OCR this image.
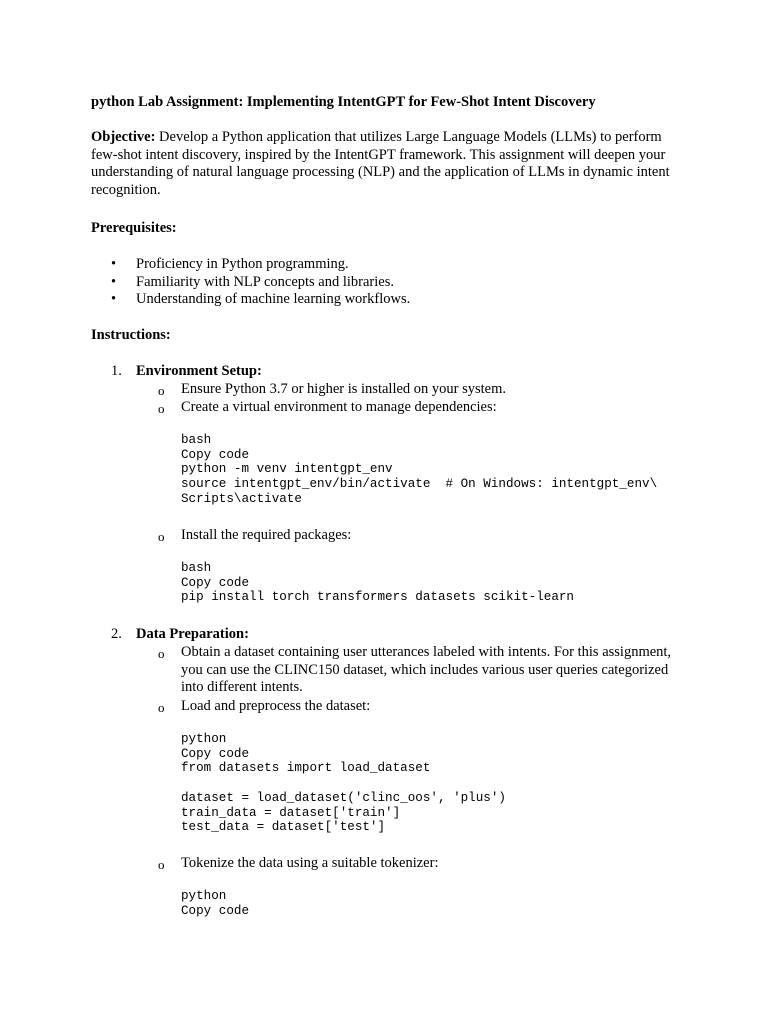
python Lab Assignment: Implementing IntentGPT for Few-Shot Intent Discovery
Objective: Develop a Python application that utilizes Large Language Models (LLMs) to perform few-shot intent discovery, inspired by the IntentGPT framework. This assignment will deepen your understanding of natural language processing (NLP) and the application of LLMs in dynamic intent recognition.
Prerequisites:
• Proficiency in Python programming.
• Familiarity with NLP concepts and libraries.
• Understanding of machine learning workflows.
Instructions:
1. Environment Setup:
o Ensure Python 3.7 or higher is installed on your system.
o Create a virtual environment to manage dependencies:
bash
Copy code
python -m venv intentgpt_env
source intentgpt_env/bin/activate  # On Windows: intentgpt_env\
Scripts\activate
o Install the required packages:
bash
Copy code
pip install torch transformers datasets scikit-learn
2. Data Preparation:
o Obtain a dataset containing user utterances labeled with intents. For this assignment, you can use the CLINC150 dataset, which includes various user queries categorized into different intents.
o Load and preprocess the dataset:
python
Copy code
from datasets import load_dataset

dataset = load_dataset('clinc_oos', 'plus')
train_data = dataset['train']
test_data = dataset['test']
o Tokenize the data using a suitable tokenizer:
python
Copy code
